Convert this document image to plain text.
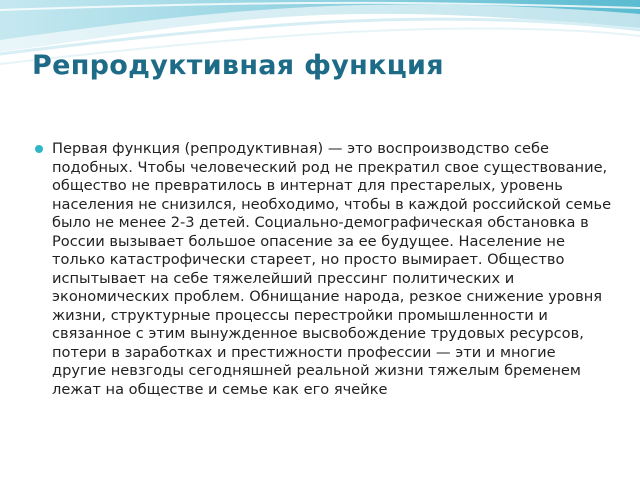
Репродуктивная функция

Первая функция (репродуктивная) — это воспроизводство себе подобных. Чтобы человеческий род не прекратил свое существование, общество не превратилось в интернат для престарелых, уровень населения не снизился, необходимо, чтобы в каждой российской семье было не менее 2-3 детей. Социально-демографическая обстановка в России вызывает большое опасение за ее будущее. Население не только катастрофически стареет, но просто вымирает. Общество испытывает на себе тяжелейший прессинг политических и экономических проблем. Обнищание народа, резкое снижение уровня жизни, структурные процессы перестройки промышленности и связанное с этим вынужденное высвобождение трудовых ресурсов, потери в заработках и престижности профессии — эти и многие другие невзгоды сегодняшней реальной жизни тяжелым бременем лежат на обществе и семье как его ячейке
